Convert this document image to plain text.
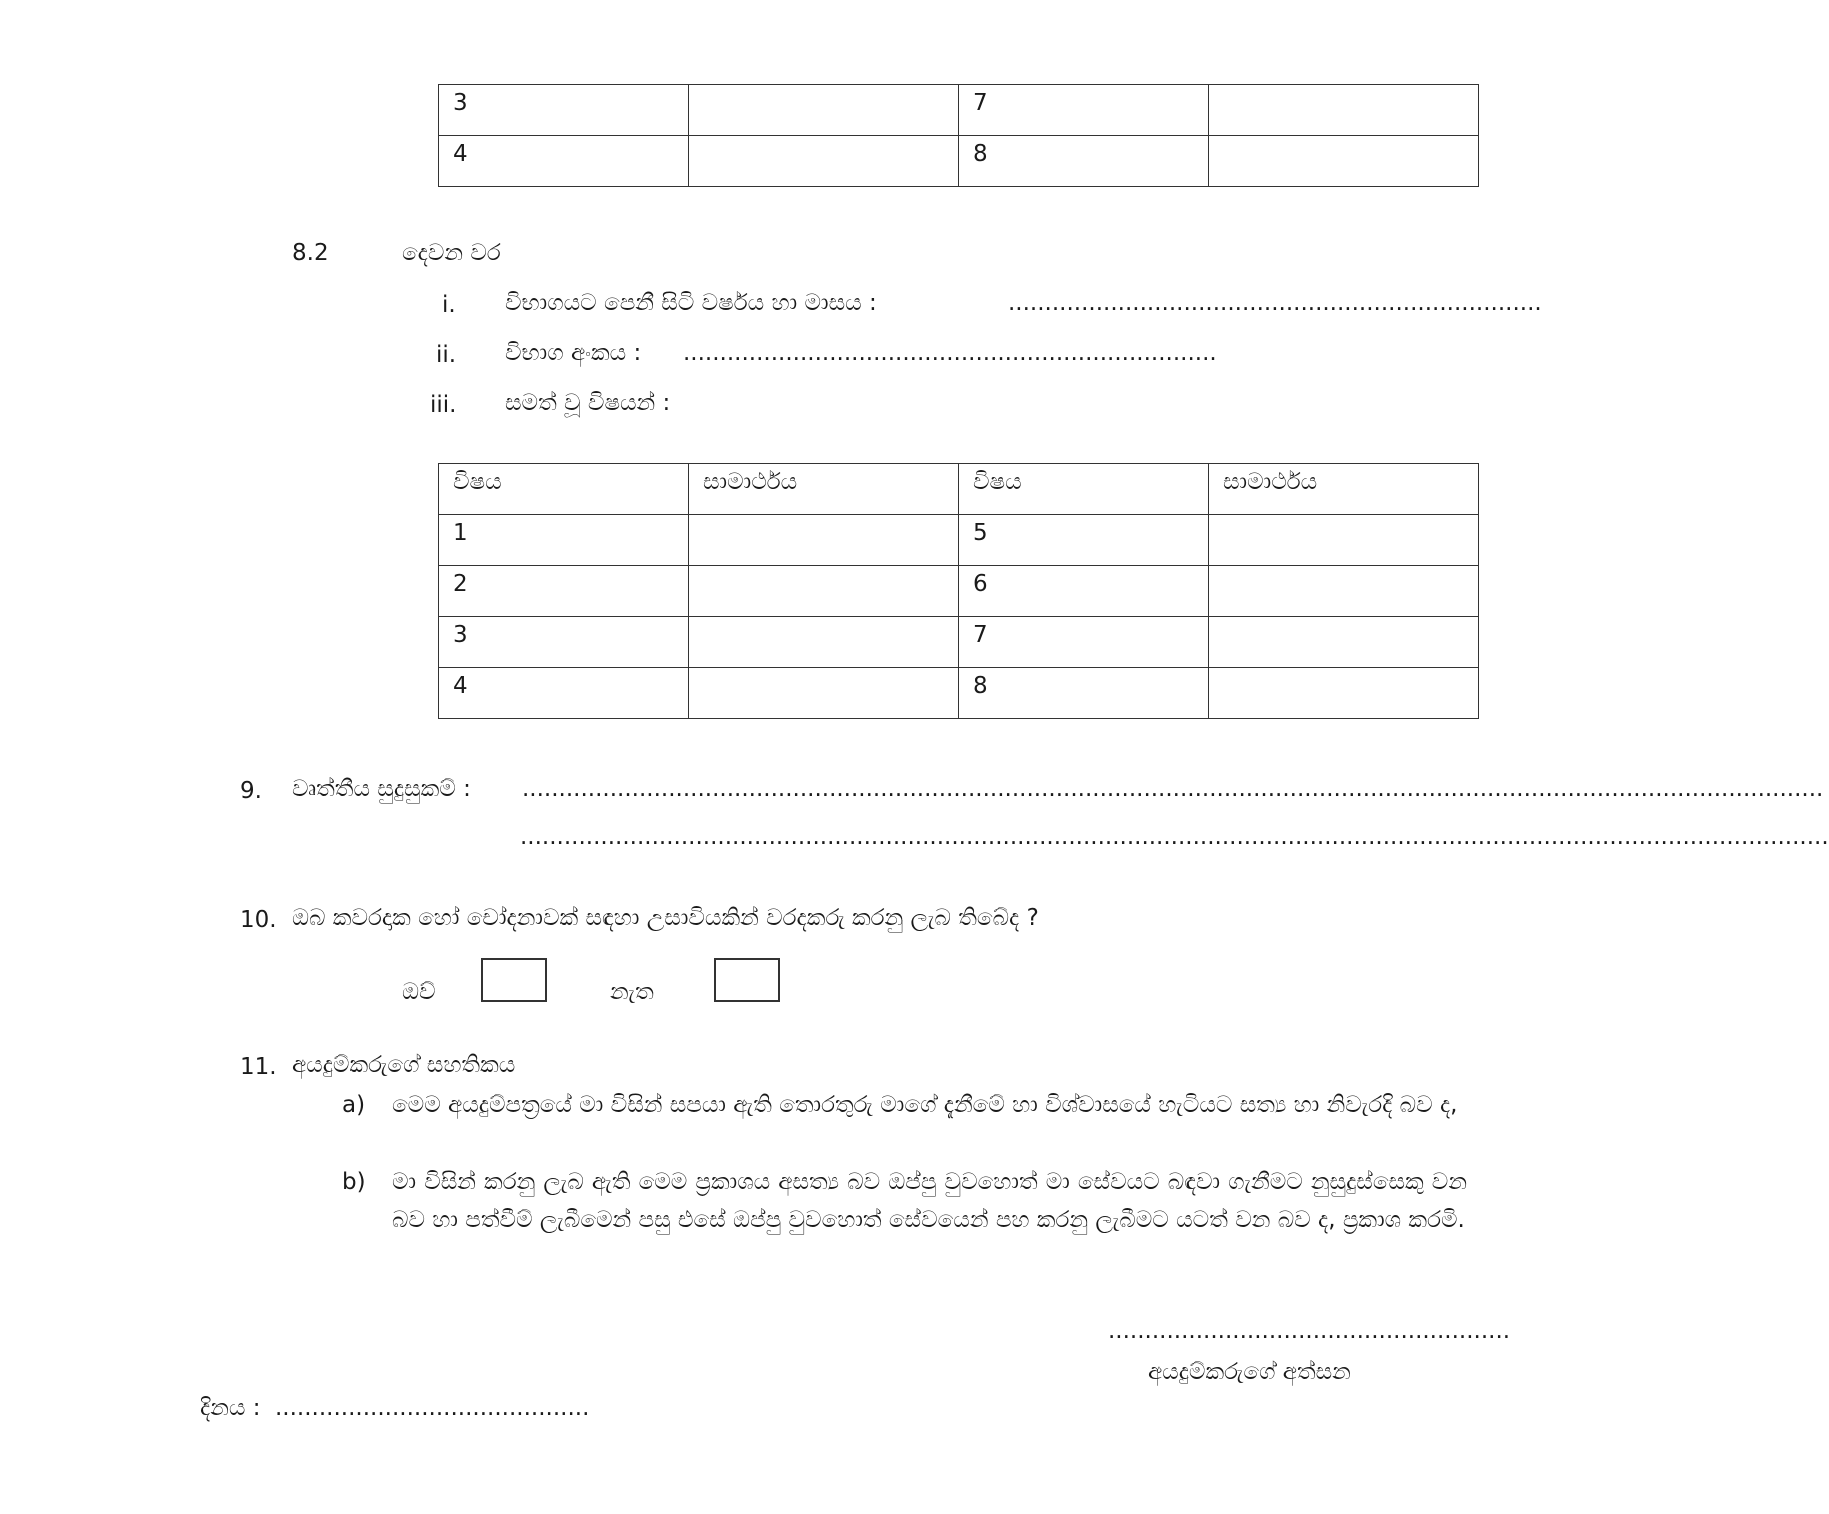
3		7	
4		8	
8.2	දෙවන වර
i. විභාගයට පෙනී සිටි වර්ෂය හා මාසය :	.........................................................................
ii. විභාග අංකය : .........................................................................
iii. සමත් වූ විෂයන් :
විෂය	සාමාර්ථය	විෂය	සාමාර්ථය
1		5	
2		6	
3		7	
4		8	
9. වෘත්තීය සුදුසුකම් : ..................................................................................................................................................................................
...................................................................................................................................................................................
10. ඔබ කවරදාක හෝ චෝදනාවක් සඳහා උසාවියකින් වරදකරු කරනු ලැබ තිබේද ?
ඔව්	නැත
11. අයදුම්කරුගේ සහතිකය
a) මෙම අයදුම්පත්‍රයේ මා විසින් සපයා ඇති තොරතුරු මාගේ දැනීමේ හා විශ්වාසයේ හැටියට සත්‍ය හා නිවැරදි බව ද,
b) මා විසින් කරනු ලැබ ඇති මෙම ප්‍රකාශය අසත්‍ය බව ඔප්පු වුවහොත් මා සේවයට බඳවා ගැනීමට නුසුදුස්සෙකු වන බව හා පත්වීම් ලැබීමෙන් පසු එසේ ඔප්පු වුවහොත් සේවයෙන් පහ කරනු ලැබීමට යටත් වන බව ද, ප්‍රකාශ කරමි.
.......................................................
අයදුම්කරුගේ අත්සන
දිනය : ...........................................
